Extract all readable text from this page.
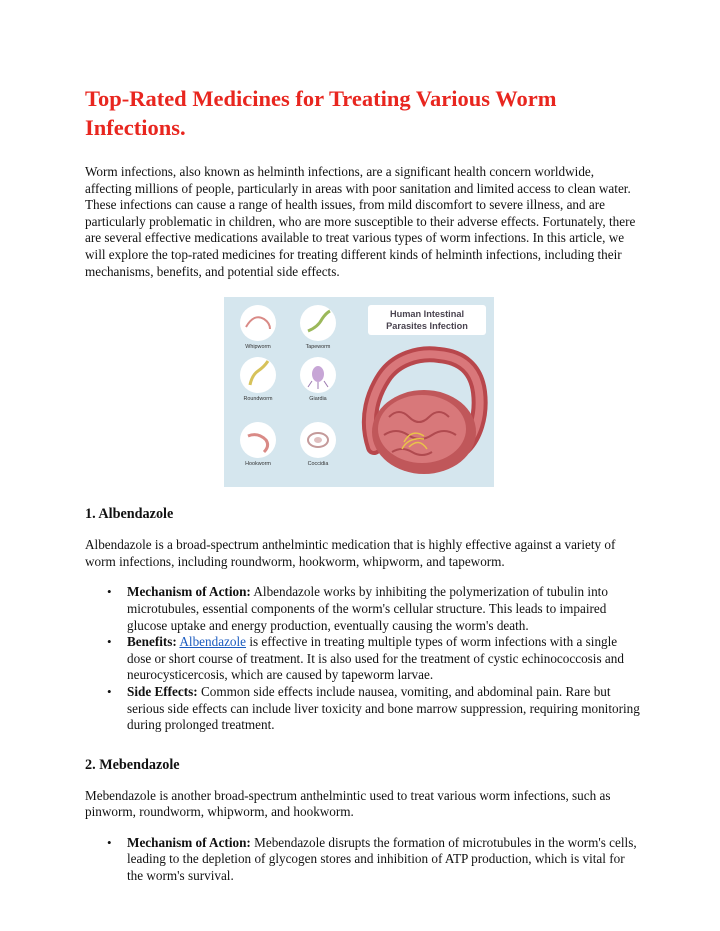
Top-Rated Medicines for Treating Various Worm
Infections.

Worm infections, also known as helminth infections, are a significant health concern worldwide, affecting millions of people, particularly in areas with poor sanitation and limited access to clean water. These infections can cause a range of health issues, from mild discomfort to severe illness, and are particularly problematic in children, who are more susceptible to their adverse effects. Fortunately, there are several effective medications available to treat various types of worm infections. In this article, we will explore the top-rated medicines for treating different kinds of helminth infections, including their mechanisms, benefits, and potential side effects.

Human Intestinal
Parasites Infection
Whipworm	Tapeworm
Roundworm	Giardia
Hookworm	Coccidia
1. Albendazole

Albendazole is a broad-spectrum anthelmintic medication that is highly effective against a variety of worm infections, including roundworm, hookworm, whipworm, and tapeworm.

• Mechanism of Action: Albendazole works by inhibiting the polymerization of tubulin into microtubules, essential components of the worm's cellular structure. This leads to impaired glucose uptake and energy production, eventually causing the worm's death.
• Benefits: Albendazole is effective in treating multiple types of worm infections with a single dose or short course of treatment. It is also used for the treatment of cystic echinococcosis and neurocysticercosis, which are caused by tapeworm larvae.
• Side Effects: Common side effects include nausea, vomiting, and abdominal pain. Rare but serious side effects can include liver toxicity and bone marrow suppression, requiring monitoring during prolonged treatment.
2. Mebendazole

Mebendazole is another broad-spectrum anthelmintic used to treat various worm infections, such as pinworm, roundworm, whipworm, and hookworm.

• Mechanism of Action: Mebendazole disrupts the formation of microtubules in the worm's cells, leading to the depletion of glycogen stores and inhibition of ATP production, which is vital for the worm's survival.
